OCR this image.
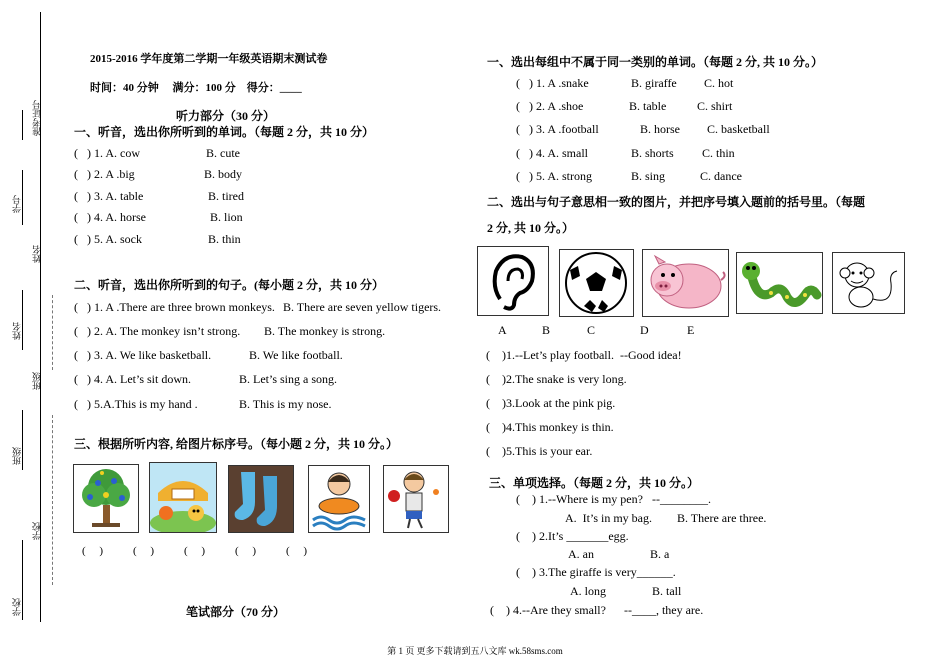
准考证号
学号
姓名
姓名
班级
班级
学校
学校
2015-2016 学年度第二学期一年级英语期末测试卷
时间：40 分钟     满分：100 分    得分：____
听力部分（30 分）
一、听音，选出你所听到的单词。（每题 2 分，共 10 分）
(   ) 1. A. cow	B. cute
(   ) 2. A .big	B. body
(   ) 3. A. table	B. tired
(   ) 4. A. horse	B. lion
(   ) 5. A. sock	B. thin
二、听音，选出你所听到的句子。(每小题 2 分，共 10 分）
(   ) 1. A .There are three brown monkeys. B. There are seven yellow tigers.
(   ) 2. A. The monkey isn’t strong. B. The monkey is strong.
(   ) 3. A. We like basketball.	B. We like football.
(   ) 4. A. Let’s sit down.	B. Let’s sing a song.
(   ) 5.A.This is my hand .	B. This is my nose.
三、根据所听内容, 给图片标序号。（每小题 2 分，共 10 分。）
(     )	(     )	(     )	(     )	(     )
笔试部分（70 分）
一、选出每组中不属于同一类别的单词。（每题 2 分, 共 10 分。）
(   ) 1. A .snake	B. giraffe C. hot
(   ) 2. A .shoe	B. table	C. shirt
(   ) 3. A .football	B. horse C. basketball
(   ) 4. A. small	B. shorts C. thin
(   ) 5. A. strong	B. sing	C. dance
二、选出与句子意思相一致的图片，并把序号填入题前的括号里。（每题
2 分, 共 10 分。）
A	B	C	D	E
(    )1.--Let’s play football.  --Good idea!
(    )2.The snake is very long.
(    )3.Look at the pink pig.
(    )4.This monkey is thin.
(    )5.This is your ear.
三、单项选择。（每题 2 分，共 10 分。）
(    ) 1.--Where is my pen?   --________.
A.  It’s in my bag. B. There are three.
(    ) 2.It’s _______egg.
A. an	B. a
(    ) 3.The giraffe is very______.
A. long	B. tall
(    ) 4.--Are they small?      --____, they are.
第 1 页 更多下载请到五八文库 wk.58sms.com
